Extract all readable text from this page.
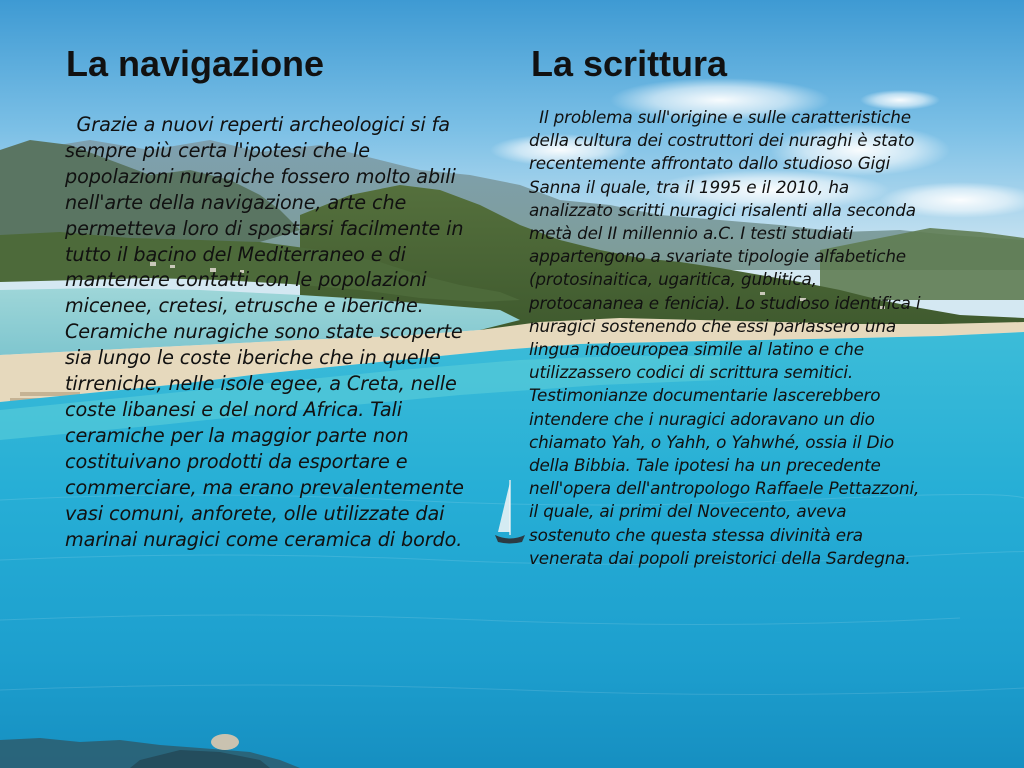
La navigazione

Grazie a nuovi reperti archeologici si fa sempre più certa l'ipotesi che le popolazioni nuragiche fossero molto abili nell'arte della navigazione, arte che permetteva loro di spostarsi facilmente in tutto il bacino del Mediterraneo e di mantenere contatti con le popolazioni micenee, cretesi, etrusche e iberiche. Ceramiche nuragiche sono state scoperte sia lungo le coste iberiche che in quelle tirreniche, nelle isole egee, a Creta, nelle coste libanesi e del nord Africa. Tali ceramiche per la maggior parte non costituivano prodotti da esportare e commerciare, ma erano prevalentemente vasi comuni, anforete, olle utilizzate dai marinai nuragici come ceramica di bordo.

La scrittura

Il problema sull'origine e sulle caratteristiche della cultura dei costruttori dei nuraghi è stato recentemente affrontato dallo studioso Gigi Sanna il quale, tra il 1995 e il 2010, ha analizzato scritti nuragici risalenti alla seconda metà del II millennio a.C. I testi studiati appartengono a svariate tipologie alfabetiche (protosinaitica, ugaritica, gublitica, protocananea e fenicia). Lo studioso identifica i nuragici sostenendo che essi parlassero una lingua indoeuropea simile al latino e che utilizzassero codici di scrittura semitici. Testimonianze documentarie lascerebbero intendere che i nuragici adoravano un dio chiamato Yah, o Yahh, o Yahwhé, ossia il Dio della Bibbia. Tale ipotesi ha un precedente nell'opera dell'antropologo Raffaele Pettazzoni, il quale, ai primi del Novecento, aveva sostenuto che questa stessa divinità era venerata dai popoli preistorici della Sardegna.
